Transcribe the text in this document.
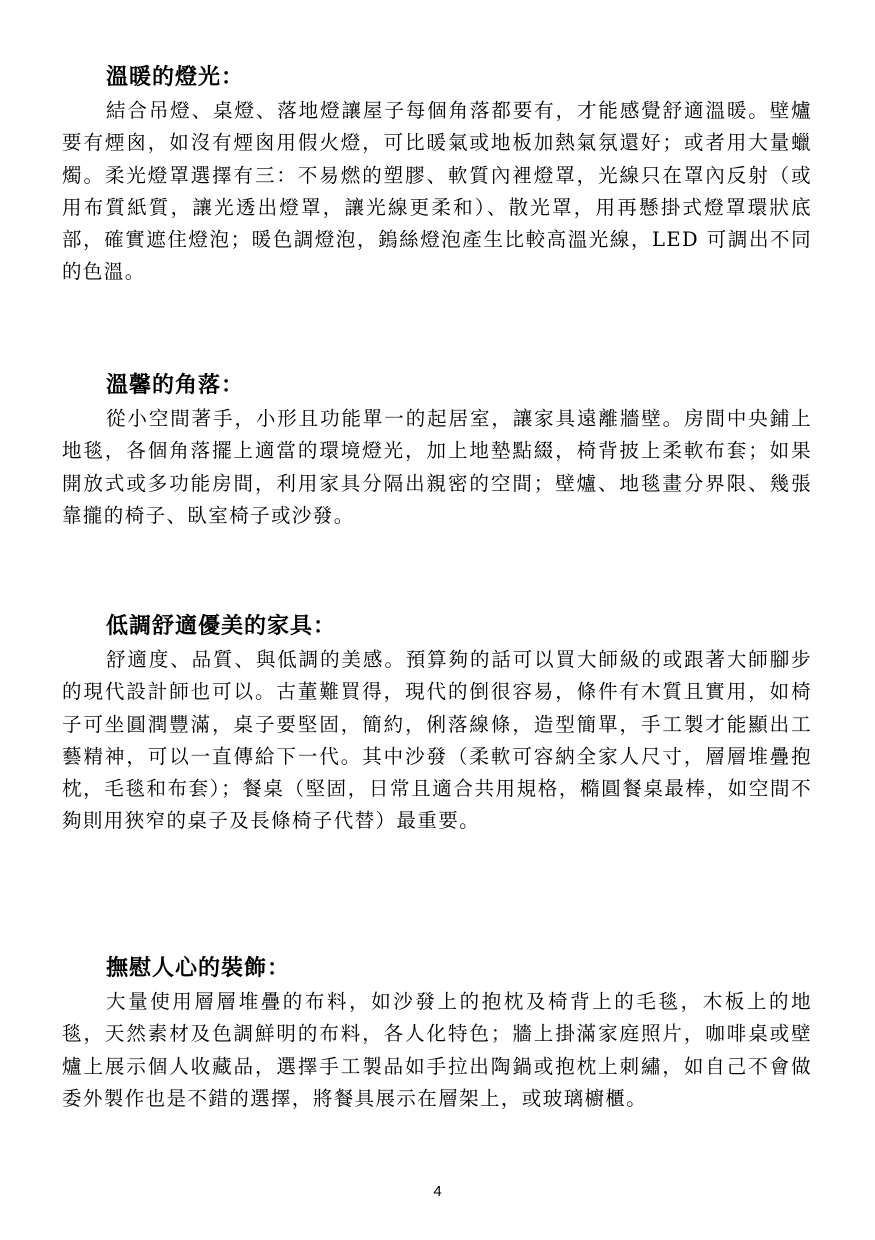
溫暖的燈光：

結合吊燈、桌燈、落地燈讓屋子每個角落都要有，才能感覺舒適溫暖。壁爐要有煙囪，如沒有煙囪用假火燈，可比暖氣或地板加熱氣氛還好；或者用大量蠟燭。柔光燈罩選擇有三：不易燃的塑膠、軟質內裡燈罩，光線只在罩內反射（或用布質紙質，讓光透出燈罩，讓光線更柔和）、散光罩，用再懸掛式燈罩環狀底部，確實遮住燈泡；暖色調燈泡，鎢絲燈泡產生比較高溫光線，LED 可調出不同的色溫。

溫馨的角落：

從小空間著手，小形且功能單一的起居室，讓家具遠離牆壁。房間中央鋪上地毯，各個角落擺上適當的環境燈光，加上地墊點綴，椅背披上柔軟布套；如果開放式或多功能房間，利用家具分隔出親密的空間；壁爐、地毯畫分界限、幾張靠攏的椅子、臥室椅子或沙發。

低調舒適優美的家具：

舒適度、品質、與低調的美感。預算夠的話可以買大師級的或跟著大師腳步的現代設計師也可以。古董難買得，現代的倒很容易，條件有木質且實用，如椅子可坐圓潤豐滿，桌子要堅固，簡約，俐落線條，造型簡單，手工製才能顯出工藝精神，可以一直傳給下一代。其中沙發（柔軟可容納全家人尺寸，層層堆疊抱枕，毛毯和布套）；餐桌（堅固，日常且適合共用規格，橢圓餐桌最棒，如空間不夠則用狹窄的桌子及長條椅子代替）最重要。

撫慰人心的裝飾：

大量使用層層堆疊的布料，如沙發上的抱枕及椅背上的毛毯，木板上的地毯，天然素材及色調鮮明的布料，各人化特色；牆上掛滿家庭照片，咖啡桌或壁爐上展示個人收藏品，選擇手工製品如手拉出陶鍋或抱枕上刺繡，如自己不會做委外製作也是不錯的選擇，將餐具展示在層架上，或玻璃櫥櫃。

4
